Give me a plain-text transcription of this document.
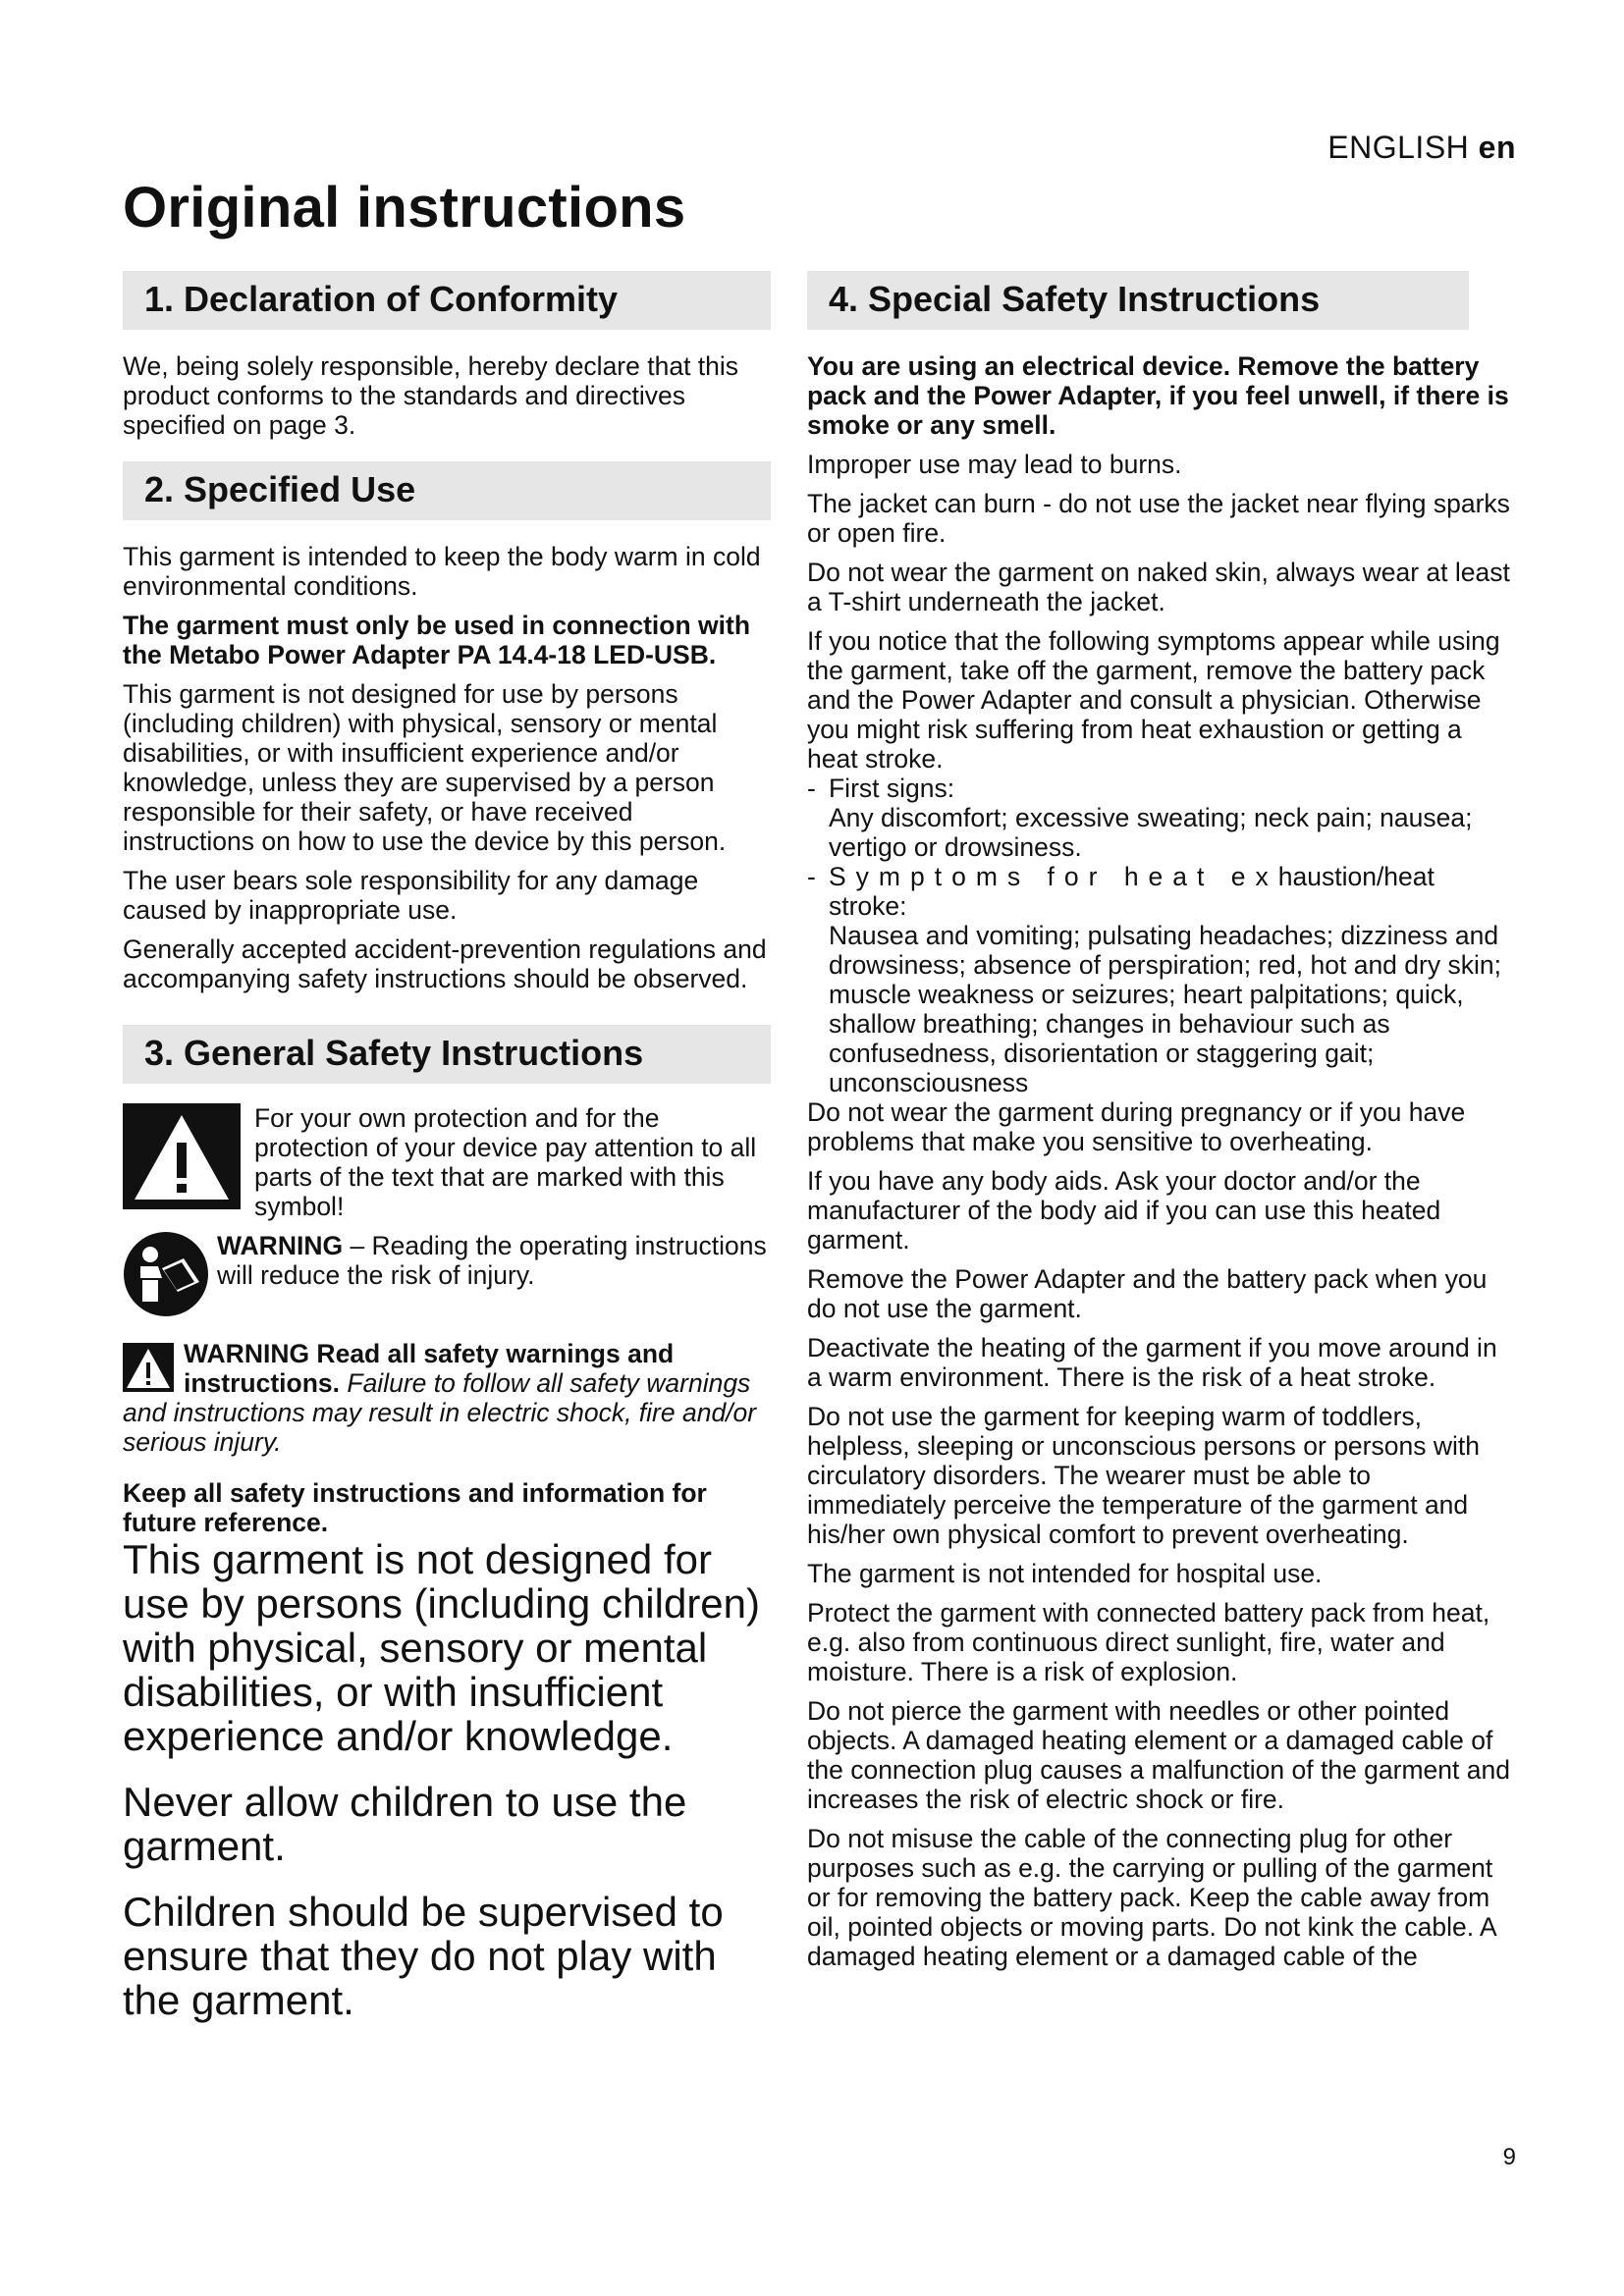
ENGLISH en
Original instructions
1. Declaration of Conformity

We, being solely responsible, hereby declare that this product conforms to the standards and directives specified on page 3.

2. Specified Use

This garment is intended to keep the body warm in cold environmental conditions.

The garment must only be used in connection with the Metabo Power Adapter PA 14.4-18 LED-USB.

This garment is not designed for use by persons (including children) with physical, sensory or mental disabilities, or with insufficient experience and/or knowledge, unless they are supervised by a person responsible for their safety, or have received instructions on how to use the device by this person.

The user bears sole responsibility for any damage caused by inappropriate use.

Generally accepted accident-prevention regulations and accompanying safety instructions should be observed.

3. General Safety Instructions

For your own protection and for the protection of your device pay attention to all parts of the text that are marked with this symbol!

WARNING – Reading the operating instructions will reduce the risk of injury.

WARNING Read all safety warnings and instructions. Failure to follow all safety warnings and instructions may result in electric shock, fire and/or serious injury.

Keep all safety instructions and information for future reference.

This garment is not designed for use by persons (including children) with physical, sensory or mental disabilities, or with insufficient experience and/or knowledge.

Never allow children to use the garment.

Children should be supervised to ensure that they do not play with the garment.

4. Special Safety Instructions

You are using an electrical device. Remove the battery pack and the Power Adapter, if you feel unwell, if there is smoke or any smell.

Improper use may lead to burns.

The jacket can burn - do not use the jacket near flying sparks or open fire.

Do not wear the garment on naked skin, always wear at least a T-shirt underneath the jacket.

If you notice that the following symptoms appear while using the garment, take off the garment, remove the battery pack and the Power Adapter and consult a physician. Otherwise you might risk suffering from heat exhaustion or getting a heat stroke.

- First signs:
Any discomfort; excessive sweating; neck pain; nausea; vertigo or drowsiness.
- Symptoms for heat exhaustion/heat stroke:
Nausea and vomiting; pulsating headaches; dizziness and drowsiness; absence of perspiration; red, hot and dry skin; muscle weakness or seizures; heart palpitations; quick, shallow breathing; changes in behaviour such as confusedness, disorientation or staggering gait; unconsciousness

Do not wear the garment during pregnancy or if you have problems that make you sensitive to overheating.

If you have any body aids. Ask your doctor and/or the manufacturer of the body aid if you can use this heated garment.

Remove the Power Adapter and the battery pack when you do not use the garment.

Deactivate the heating of the garment if you move around in a warm environment. There is the risk of a heat stroke.

Do not use the garment for keeping warm of toddlers, helpless, sleeping or unconscious persons or persons with circulatory disorders. The wearer must be able to immediately perceive the temperature of the garment and his/her own physical comfort to prevent overheating.

The garment is not intended for hospital use.

Protect the garment with connected battery pack from heat, e.g. also from continuous direct sunlight, fire, water and moisture. There is a risk of explosion.

Do not pierce the garment with needles or other pointed objects. A damaged heating element or a damaged cable of the connection plug causes a malfunction of the garment and increases the risk of electric shock or fire.

Do not misuse the cable of the connecting plug for other purposes such as e.g. the carrying or pulling of the garment or for removing the battery pack. Keep the cable away from oil, pointed objects or moving parts. Do not kink the cable. A damaged heating element or a damaged cable of the

9
